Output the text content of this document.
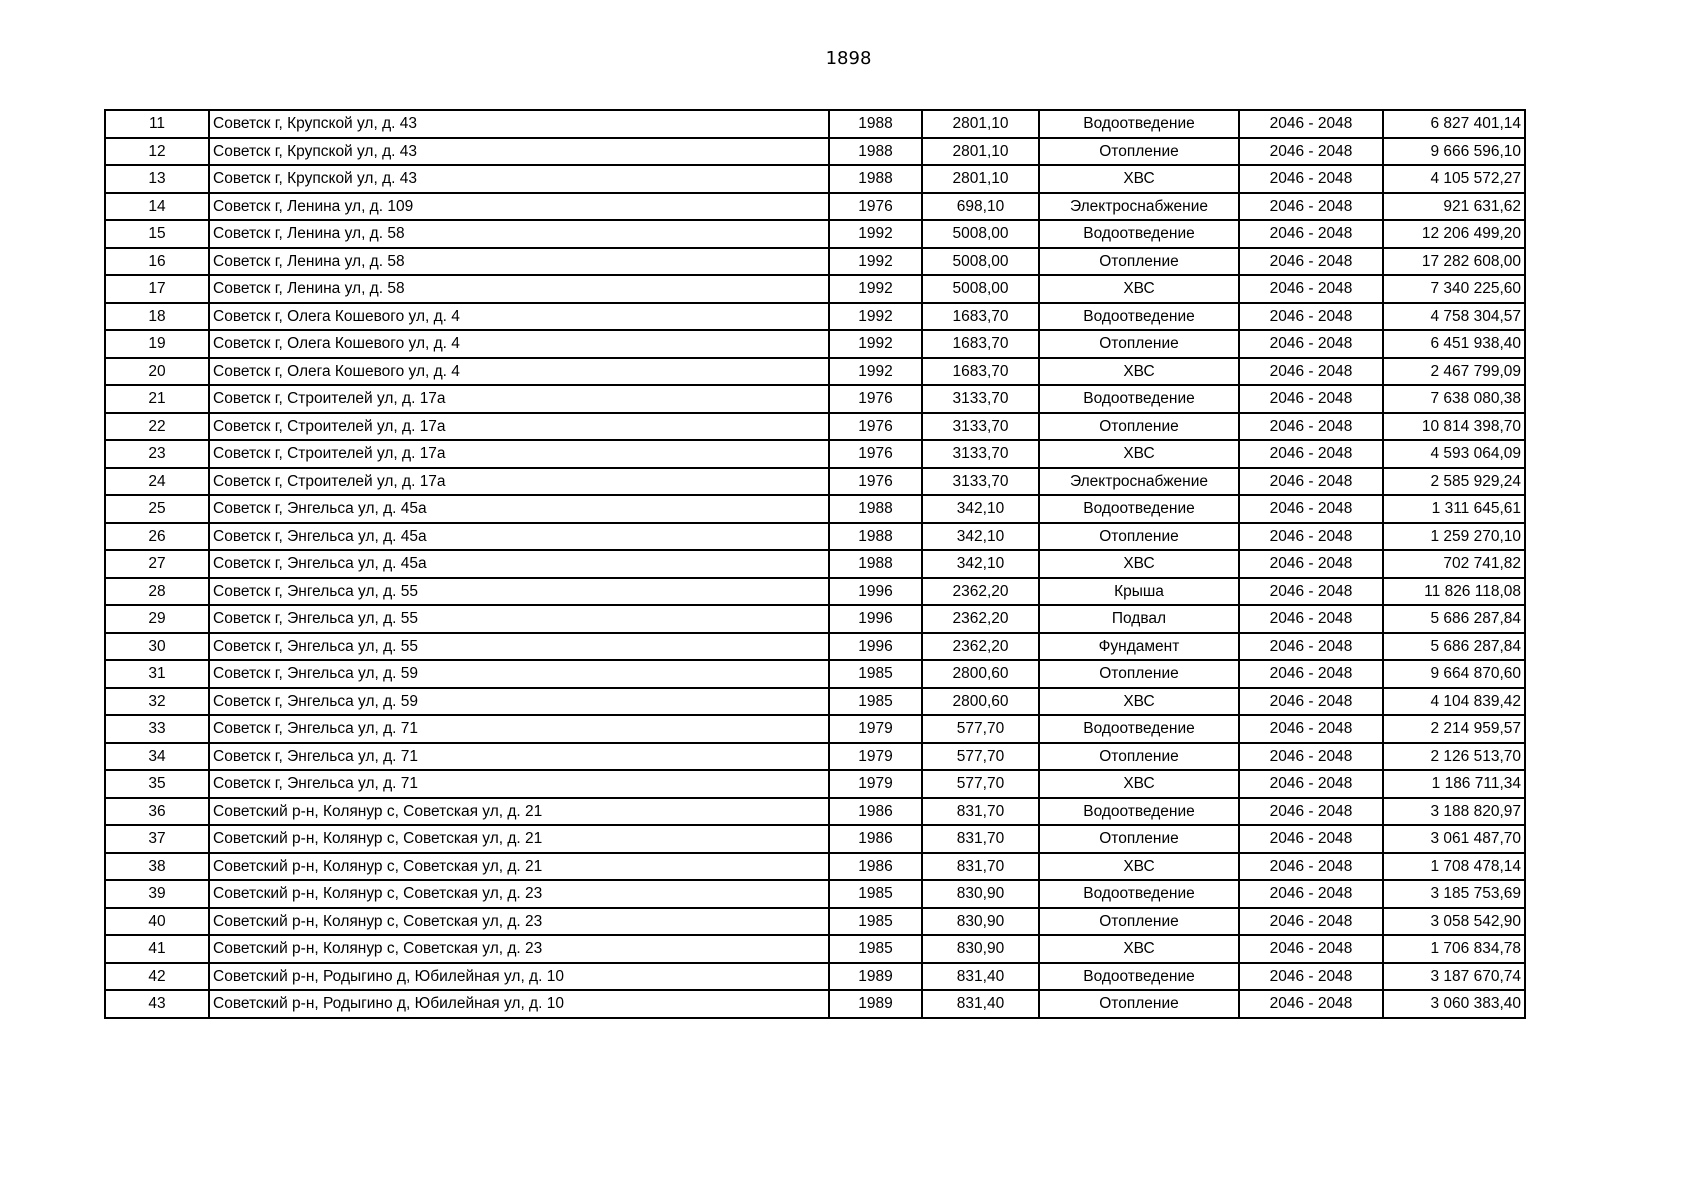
1898
11	Советск г, Крупской ул, д. 43	1988	2801,10	Водоотведение	2046 - 2048	6 827 401,14
12	Советск г, Крупской ул, д. 43	1988	2801,10	Отопление	2046 - 2048	9 666 596,10
13	Советск г, Крупской ул, д. 43	1988	2801,10	ХВС	2046 - 2048	4 105 572,27
14	Советск г, Ленина ул, д. 109	1976	698,10	Электроснабжение	2046 - 2048	921 631,62
15	Советск г, Ленина ул, д. 58	1992	5008,00	Водоотведение	2046 - 2048	12 206 499,20
16	Советск г, Ленина ул, д. 58	1992	5008,00	Отопление	2046 - 2048	17 282 608,00
17	Советск г, Ленина ул, д. 58	1992	5008,00	ХВС	2046 - 2048	7 340 225,60
18	Советск г, Олега Кошевого ул, д. 4	1992	1683,70	Водоотведение	2046 - 2048	4 758 304,57
19	Советск г, Олега Кошевого ул, д. 4	1992	1683,70	Отопление	2046 - 2048	6 451 938,40
20	Советск г, Олега Кошевого ул, д. 4	1992	1683,70	ХВС	2046 - 2048	2 467 799,09
21	Советск г, Строителей ул, д. 17а	1976	3133,70	Водоотведение	2046 - 2048	7 638 080,38
22	Советск г, Строителей ул, д. 17а	1976	3133,70	Отопление	2046 - 2048	10 814 398,70
23	Советск г, Строителей ул, д. 17а	1976	3133,70	ХВС	2046 - 2048	4 593 064,09
24	Советск г, Строителей ул, д. 17а	1976	3133,70	Электроснабжение	2046 - 2048	2 585 929,24
25	Советск г, Энгельса ул, д. 45а	1988	342,10	Водоотведение	2046 - 2048	1 311 645,61
26	Советск г, Энгельса ул, д. 45а	1988	342,10	Отопление	2046 - 2048	1 259 270,10
27	Советск г, Энгельса ул, д. 45а	1988	342,10	ХВС	2046 - 2048	702 741,82
28	Советск г, Энгельса ул, д. 55	1996	2362,20	Крыша	2046 - 2048	11 826 118,08
29	Советск г, Энгельса ул, д. 55	1996	2362,20	Подвал	2046 - 2048	5 686 287,84
30	Советск г, Энгельса ул, д. 55	1996	2362,20	Фундамент	2046 - 2048	5 686 287,84
31	Советск г, Энгельса ул, д. 59	1985	2800,60	Отопление	2046 - 2048	9 664 870,60
32	Советск г, Энгельса ул, д. 59	1985	2800,60	ХВС	2046 - 2048	4 104 839,42
33	Советск г, Энгельса ул, д. 71	1979	577,70	Водоотведение	2046 - 2048	2 214 959,57
34	Советск г, Энгельса ул, д. 71	1979	577,70	Отопление	2046 - 2048	2 126 513,70
35	Советск г, Энгельса ул, д. 71	1979	577,70	ХВС	2046 - 2048	1 186 711,34
36	Советский р-н, Колянур с, Советская ул, д. 21	1986	831,70	Водоотведение	2046 - 2048	3 188 820,97
37	Советский р-н, Колянур с, Советская ул, д. 21	1986	831,70	Отопление	2046 - 2048	3 061 487,70
38	Советский р-н, Колянур с, Советская ул, д. 21	1986	831,70	ХВС	2046 - 2048	1 708 478,14
39	Советский р-н, Колянур с, Советская ул, д. 23	1985	830,90	Водоотведение	2046 - 2048	3 185 753,69
40	Советский р-н, Колянур с, Советская ул, д. 23	1985	830,90	Отопление	2046 - 2048	3 058 542,90
41	Советский р-н, Колянур с, Советская ул, д. 23	1985	830,90	ХВС	2046 - 2048	1 706 834,78
42	Советский р-н, Родыгино д, Юбилейная ул, д. 10	1989	831,40	Водоотведение	2046 - 2048	3 187 670,74
43	Советский р-н, Родыгино д, Юбилейная ул, д. 10	1989	831,40	Отопление	2046 - 2048	3 060 383,40
